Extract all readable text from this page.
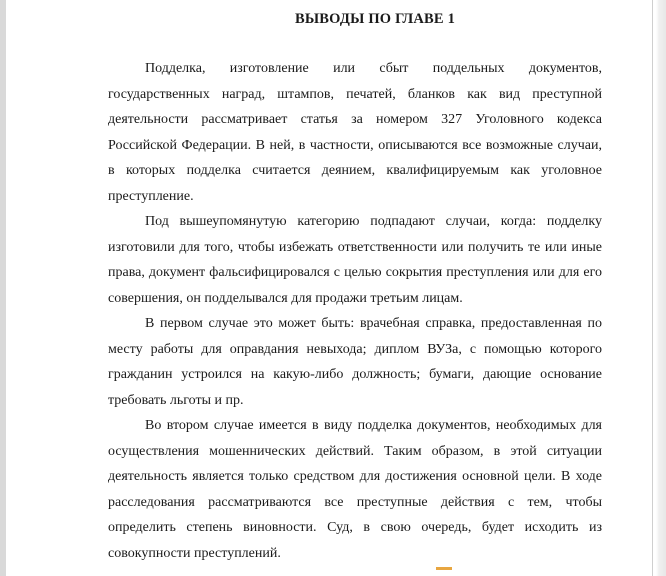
ВЫВОДЫ ПО ГЛАВЕ 1

Подделка, изготовление или сбыт поддельных документов, государственных наград, штампов, печатей, бланков как вид преступной деятельности рассматривает статья за номером 327 Уголовного кодекса Российской Федерации. В ней, в частности, описываются все возможные случаи, в которых подделка считается деянием, квалифицируемым как уголовное преступление.

Под вышеупомянутую категорию подпадают случаи, когда: подделку изготовили для того, чтобы избежать ответственности или получить те или иные права, документ фальсифицировался с целью сокрытия преступления или для его совершения, он подделывался для продажи третьим лицам.

В первом случае это может быть: врачебная справка, предоставленная по месту работы для оправдания невыхода; диплом ВУЗа, с помощью которого гражданин устроился на какую-либо должность; бумаги, дающие основание требовать льготы и пр.

Во втором случае имеется в виду подделка документов, необходимых для осуществления мошеннических действий. Таким образом, в этой ситуации деятельность является только средством для достижения основной цели. В ходе расследования рассматриваются все преступные действия с тем, чтобы определить степень виновности. Суд, в свою очередь, будет исходить из совокупности преступлений.
